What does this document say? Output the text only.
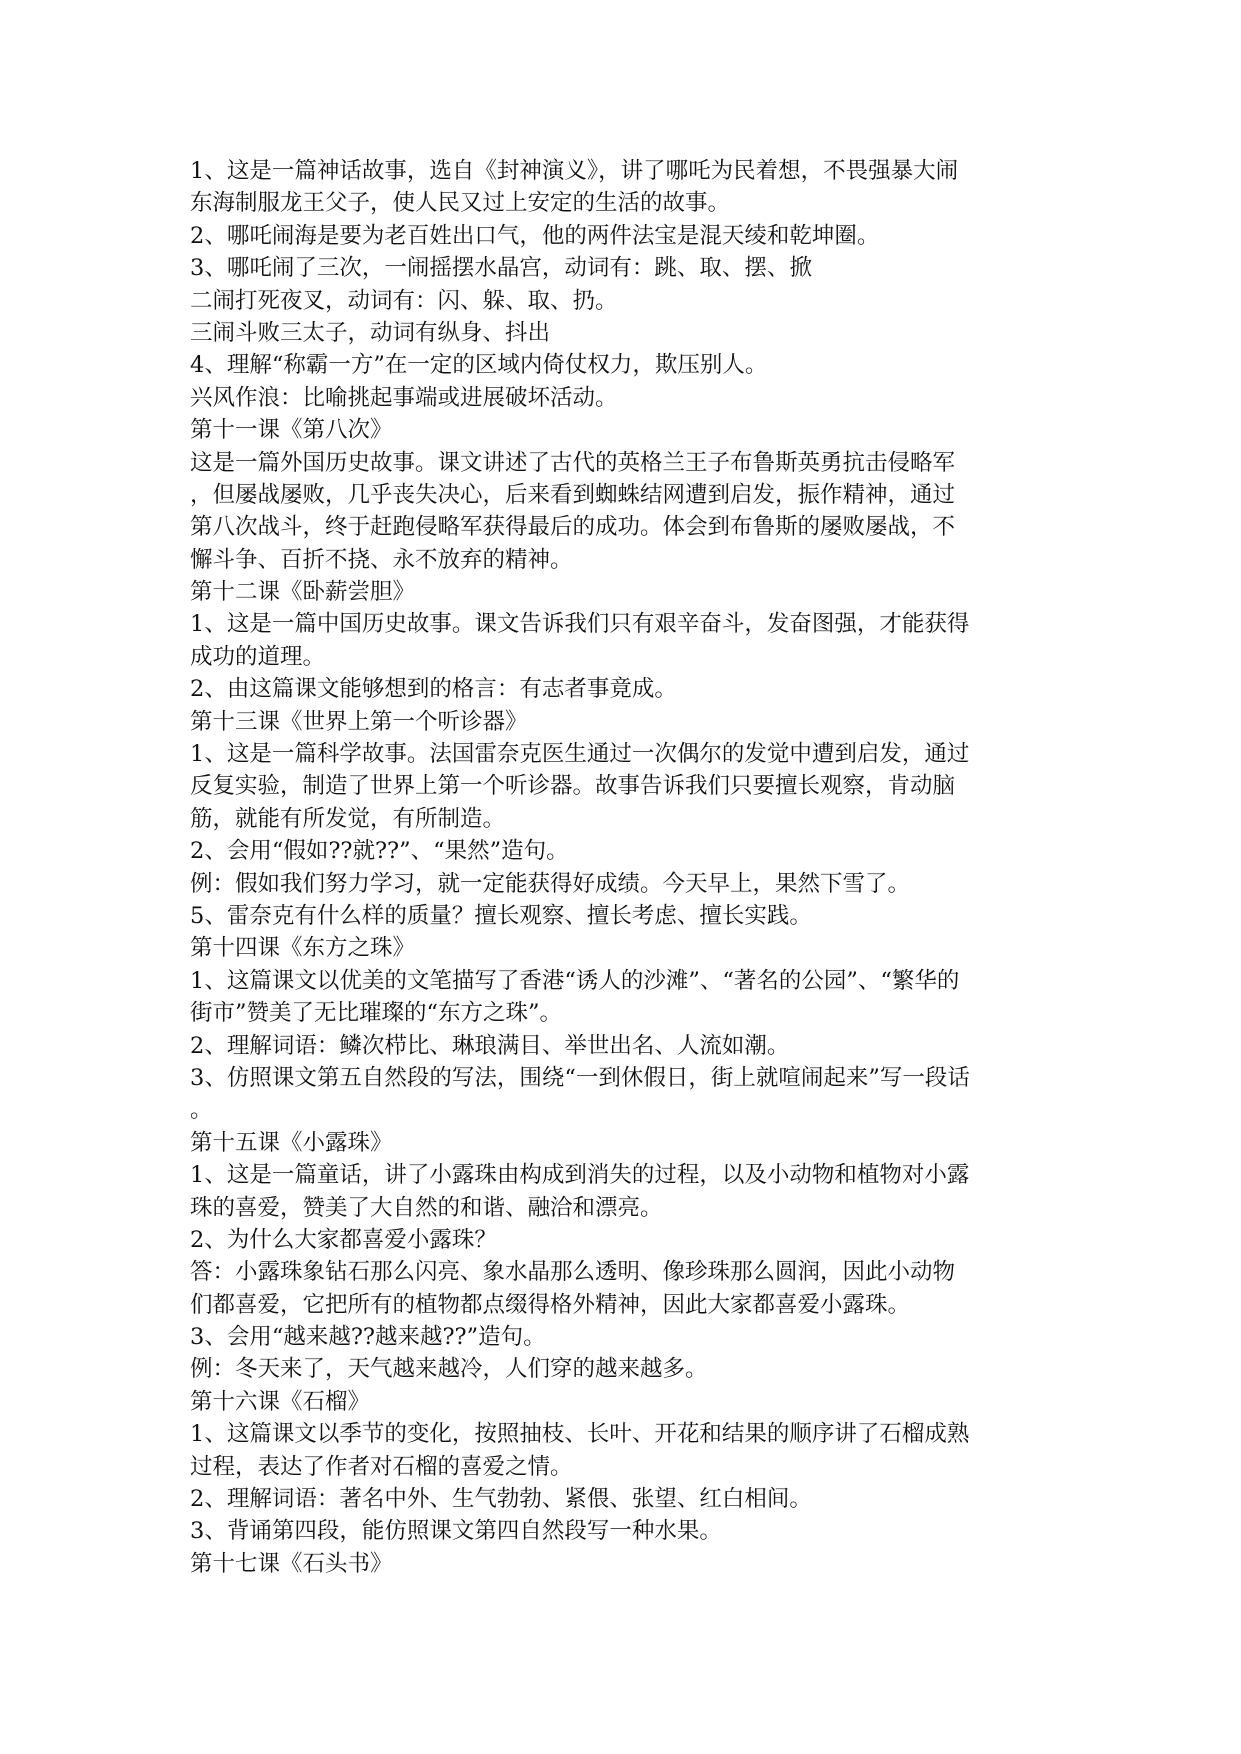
1、这是一篇神话故事，选自《封神演义》，讲了哪吒为民着想，不畏强暴大闹
东海制服龙王父子，使人民又过上安定的生活的故事。
2、哪吒闹海是要为老百姓出口气，他的两件法宝是混天绫和乾坤圈。
3、哪吒闹了三次，一闹摇摆水晶宫，动词有：跳、取、摆、掀
二闹打死夜叉，动词有：闪、躲、取、扔。
三闹斗败三太子，动词有纵身、抖出
4、理解“称霸一方”在一定的区域内倚仗权力，欺压别人。
兴风作浪：比喻挑起事端或进展破坏活动。
第十一课《第八次》
这是一篇外国历史故事。课文讲述了古代的英格兰王子布鲁斯英勇抗击侵略军
，但屡战屡败，几乎丧失决心，后来看到蜘蛛结网遭到启发，振作精神，通过
第八次战斗，终于赶跑侵略军获得最后的成功。体会到布鲁斯的屡败屡战，不
懈斗争、百折不挠、永不放弃的精神。
第十二课《卧薪尝胆》
1、这是一篇中国历史故事。课文告诉我们只有艰辛奋斗，发奋图强，才能获得
成功的道理。
2、由这篇课文能够想到的格言：有志者事竟成。
第十三课《世界上第一个听诊器》
1、这是一篇科学故事。法国雷奈克医生通过一次偶尔的发觉中遭到启发，通过
反复实验，制造了世界上第一个听诊器。故事告诉我们只要擅长观察，肯动脑
筋，就能有所发觉，有所制造。
2、会用“假如??就??”、“果然”造句。
例：假如我们努力学习，就一定能获得好成绩。今天早上，果然下雪了。
5、雷奈克有什么样的质量？擅长观察、擅长考虑、擅长实践。
第十四课《东方之珠》
1、这篇课文以优美的文笔描写了香港“诱人的沙滩”、“著名的公园”、“繁华的
街市”赞美了无比璀璨的“东方之珠”。
2、理解词语：鳞次栉比、琳琅满目、举世出名、人流如潮。
3、仿照课文第五自然段的写法，围绕“一到休假日，街上就喧闹起来”写一段话
。
第十五课《小露珠》
1、这是一篇童话，讲了小露珠由构成到消失的过程，以及小动物和植物对小露
珠的喜爱，赞美了大自然的和谐、融洽和漂亮。
2、为什么大家都喜爱小露珠？
答：小露珠象钻石那么闪亮、象水晶那么透明、像珍珠那么圆润，因此小动物
们都喜爱，它把所有的植物都点缀得格外精神，因此大家都喜爱小露珠。
3、会用“越来越??越来越??”造句。
例：冬天来了，天气越来越冷，人们穿的越来越多。
第十六课《石榴》
1、这篇课文以季节的变化，按照抽枝、长叶、开花和结果的顺序讲了石榴成熟
过程，表达了作者对石榴的喜爱之情。
2、理解词语：著名中外、生气勃勃、紧偎、张望、红白相间。
3、背诵第四段，能仿照课文第四自然段写一种水果。
第十七课《石头书》
